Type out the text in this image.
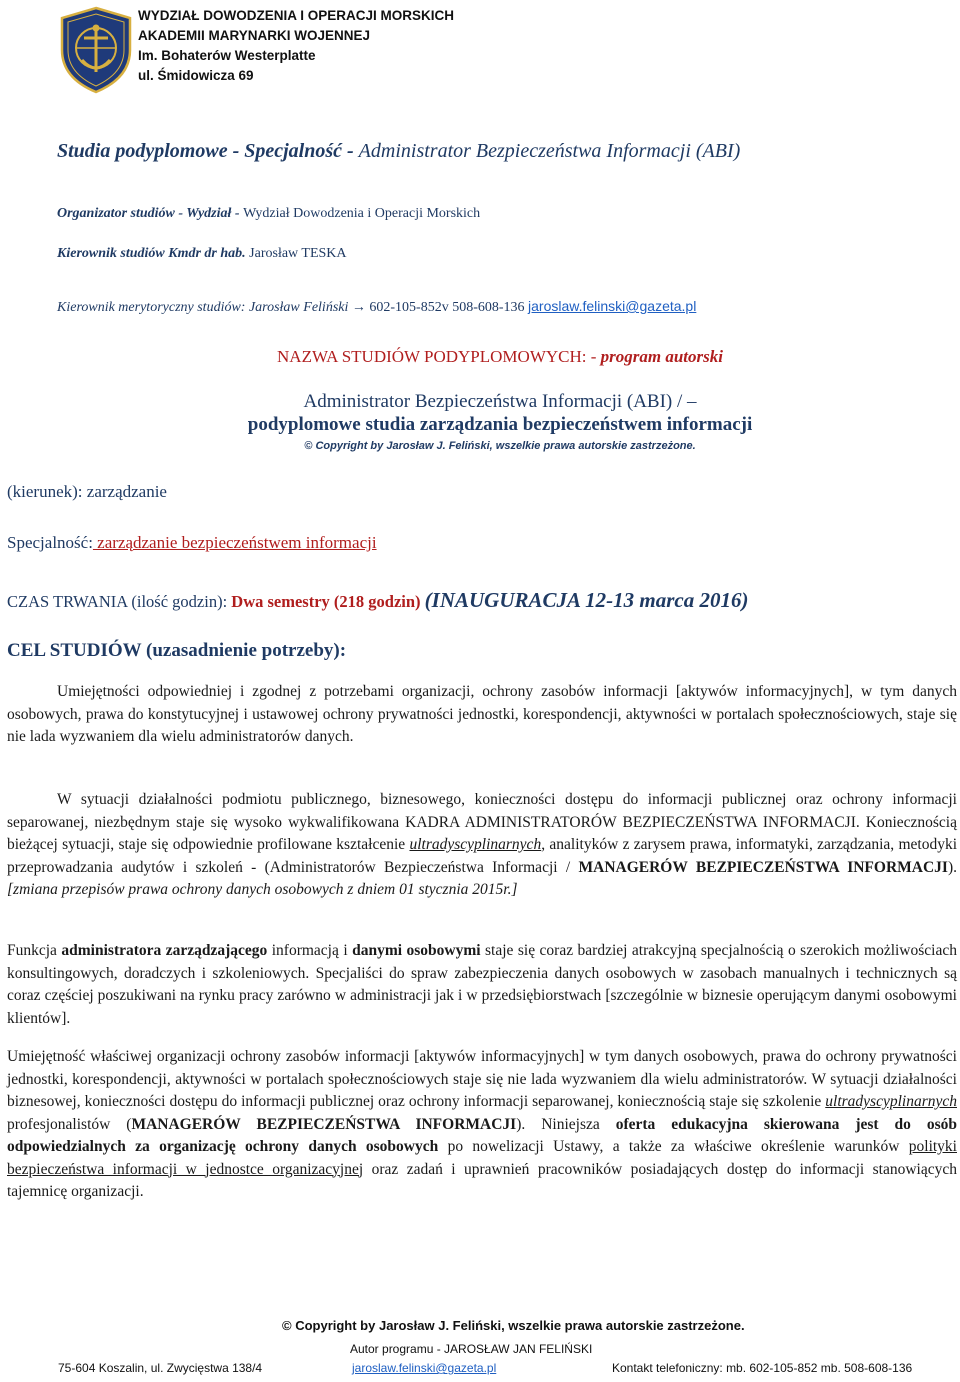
WYDZIAŁ DOWODZENIA I OPERACJI MORSKICH
AKADEMII MARYNARKI WOJENNEJ
Im. Bohaterów Westerplatte
ul. Śmidowicza 69
Studia podyplomowe - Specjalność - Administrator Bezpieczeństwa Informacji (ABI)
Organizator studiów - Wydział - Wydział Dowodzenia i Operacji Morskich
Kierownik studiów Kmdr dr hab. Jarosław TESKA
Kierownik merytoryczny studiów: Jarosław Feliński → 602-105-852v 508-608-136 jaroslaw.felinski@gazeta.pl
NAZWA STUDIÓW PODYPLOMOWYCH: - program autorski
Administrator Bezpieczeństwa Informacji (ABI) / –
podyplomowe studia zarządzania bezpieczeństwem informacji
© Copyright by Jarosław J. Feliński, wszelkie prawa autorskie zastrzeżone.
(kierunek): zarządzanie
Specjalność: zarządzanie bezpieczeństwem informacji
CZAS TRWANIA (ilość godzin): Dwa semestry (218 godzin) (INAUGURACJA 12-13 marca 2016)
CEL STUDIÓW (uzasadnienie potrzeby):

Umiejętności odpowiedniej i zgodnej z potrzebami organizacji, ochrony zasobów informacji [aktywów informacyjnych], w tym danych osobowych, prawa do konstytucyjnej i ustawowej ochrony prywatności jednostki, korespondencji, aktywności w portalach społecznościowych, staje się nie lada wyzwaniem dla wielu administratorów danych.

W sytuacji działalności podmiotu publicznego, biznesowego, konieczności dostępu do informacji publicznej oraz ochrony informacji separowanej, niezbędnym staje się wysoko wykwalifikowana KADRA ADMINISTRATORÓW BEZPIECZEŃSTWA INFORMACJI. Koniecznością bieżącej sytuacji, staje się odpowiednie profilowane kształcenie ultradyscyplinarnych, analityków z zarysem prawa, informatyki, zarządzania, metodyki przeprowadzania audytów i szkoleń - (Administratorów Bezpieczeństwa Informacji / MANAGERÓW BEZPIECZEŃSTWA INFORMACJI). [zmiana przepisów prawa ochrony danych osobowych z dniem 01 stycznia 2015r.]

Funkcja administratora zarządzającego informacją i danymi osobowymi staje się coraz bardziej atrakcyjną specjalnością o szerokich możliwościach konsultingowych, doradczych i szkoleniowych. Specjaliści do spraw zabezpieczenia danych osobowych w zasobach manualnych i technicznych są coraz częściej poszukiwani na rynku pracy zarówno w administracji jak i w przedsiębiorstwach [szczególnie w biznesie operującym danymi osobowymi klientów].

Umiejętność właściwej organizacji ochrony zasobów informacji [aktywów informacyjnych] w tym danych osobowych, prawa do ochrony prywatności jednostki, korespondencji, aktywności w portalach społecznościowych staje się nie lada wyzwaniem dla wielu administratorów. W sytuacji działalności biznesowej, konieczności dostępu do informacji publicznej oraz ochrony informacji separowanej, koniecznością staje się szkolenie ultradyscyplinarnych profesjonalistów (MANAGERÓW BEZPIECZEŃSTWA INFORMACJI). Niniejsza oferta edukacyjna skierowana jest do osób odpowiedzialnych za organizację ochrony danych osobowych po nowelizacji Ustawy, a także za właściwe określenie warunków polityki bezpieczeństwa informacji w jednostce organizacyjnej oraz zadań i uprawnień pracowników posiadających dostęp do informacji stanowiących tajemnicę organizacji.

© Copyright by Jarosław J. Feliński, wszelkie prawa autorskie zastrzeżone.
Autor programu - JAROSŁAW JAN FELIŃSKI
75-604 Koszalin, ul. Zwycięstwa 138/4	jaroslaw.felinski@gazeta.pl	Kontakt telefoniczny: mb. 602-105-852 mb. 508-608-136
